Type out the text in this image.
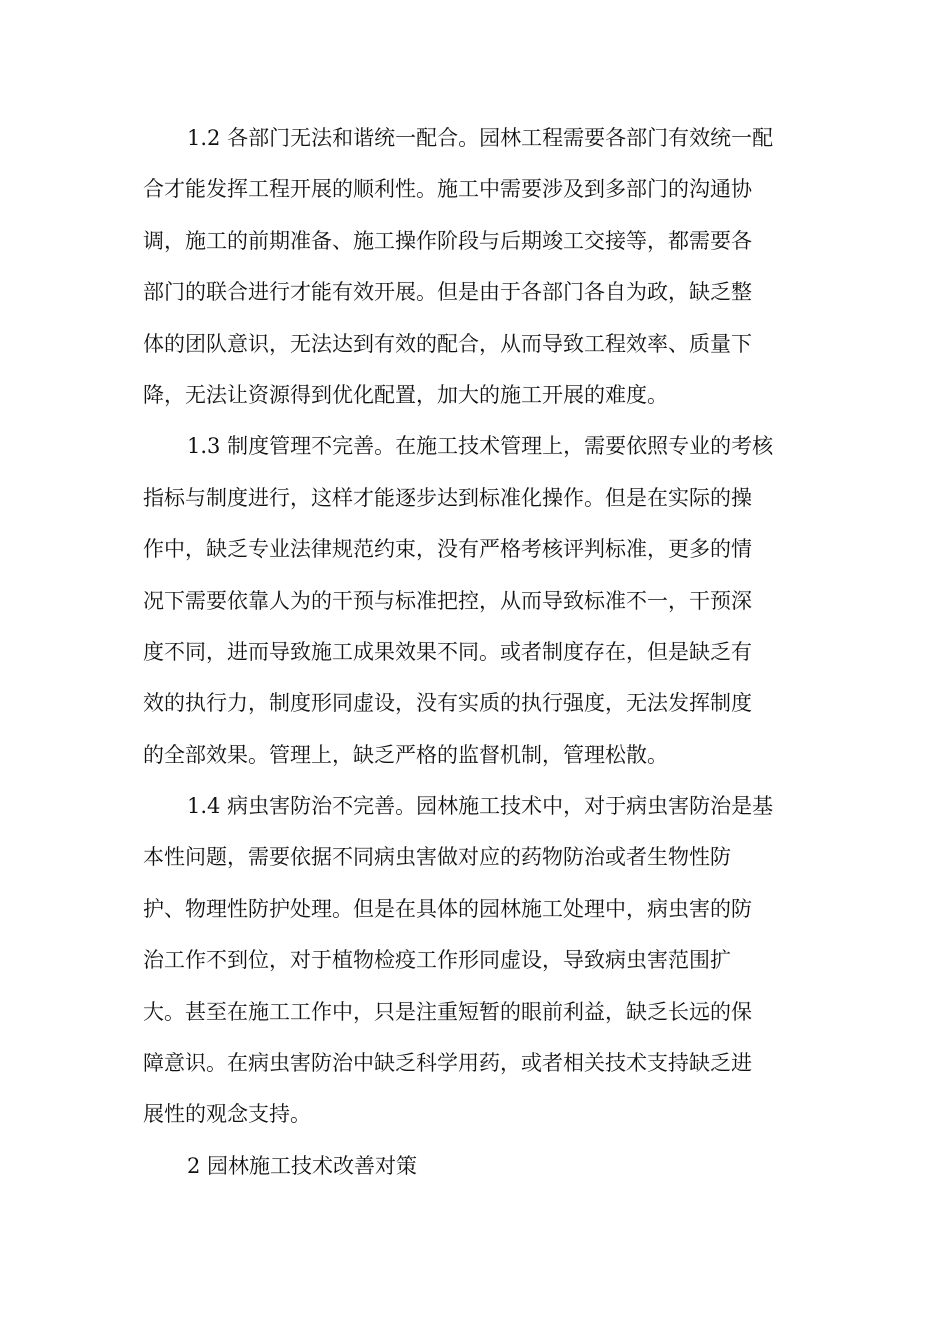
1.2 各部门无法和谐统一配合。园林工程需要各部门有效统一配
合才能发挥工程开展的顺利性。施工中需要涉及到多部门的沟通协
调，施工的前期准备、施工操作阶段与后期竣工交接等，都需要各
部门的联合进行才能有效开展。但是由于各部门各自为政，缺乏整
体的团队意识，无法达到有效的配合，从而导致工程效率、质量下
降，无法让资源得到优化配置，加大的施工开展的难度。
1.3 制度管理不完善。在施工技术管理上，需要依照专业的考核
指标与制度进行，这样才能逐步达到标准化操作。但是在实际的操
作中，缺乏专业法律规范约束，没有严格考核评判标准，更多的情
况下需要依靠人为的干预与标准把控，从而导致标准不一，干预深
度不同，进而导致施工成果效果不同。或者制度存在，但是缺乏有
效的执行力，制度形同虚设，没有实质的执行强度，无法发挥制度
的全部效果。管理上，缺乏严格的监督机制，管理松散。
1.4 病虫害防治不完善。园林施工技术中，对于病虫害防治是基
本性问题，需要依据不同病虫害做对应的药物防治或者生物性防
护、物理性防护处理。但是在具体的园林施工处理中，病虫害的防
治工作不到位，对于植物检疫工作形同虚设，导致病虫害范围扩
大。甚至在施工工作中，只是注重短暂的眼前利益，缺乏长远的保
障意识。在病虫害防治中缺乏科学用药，或者相关技术支持缺乏进
展性的观念支持。
2 园林施工技术改善对策
